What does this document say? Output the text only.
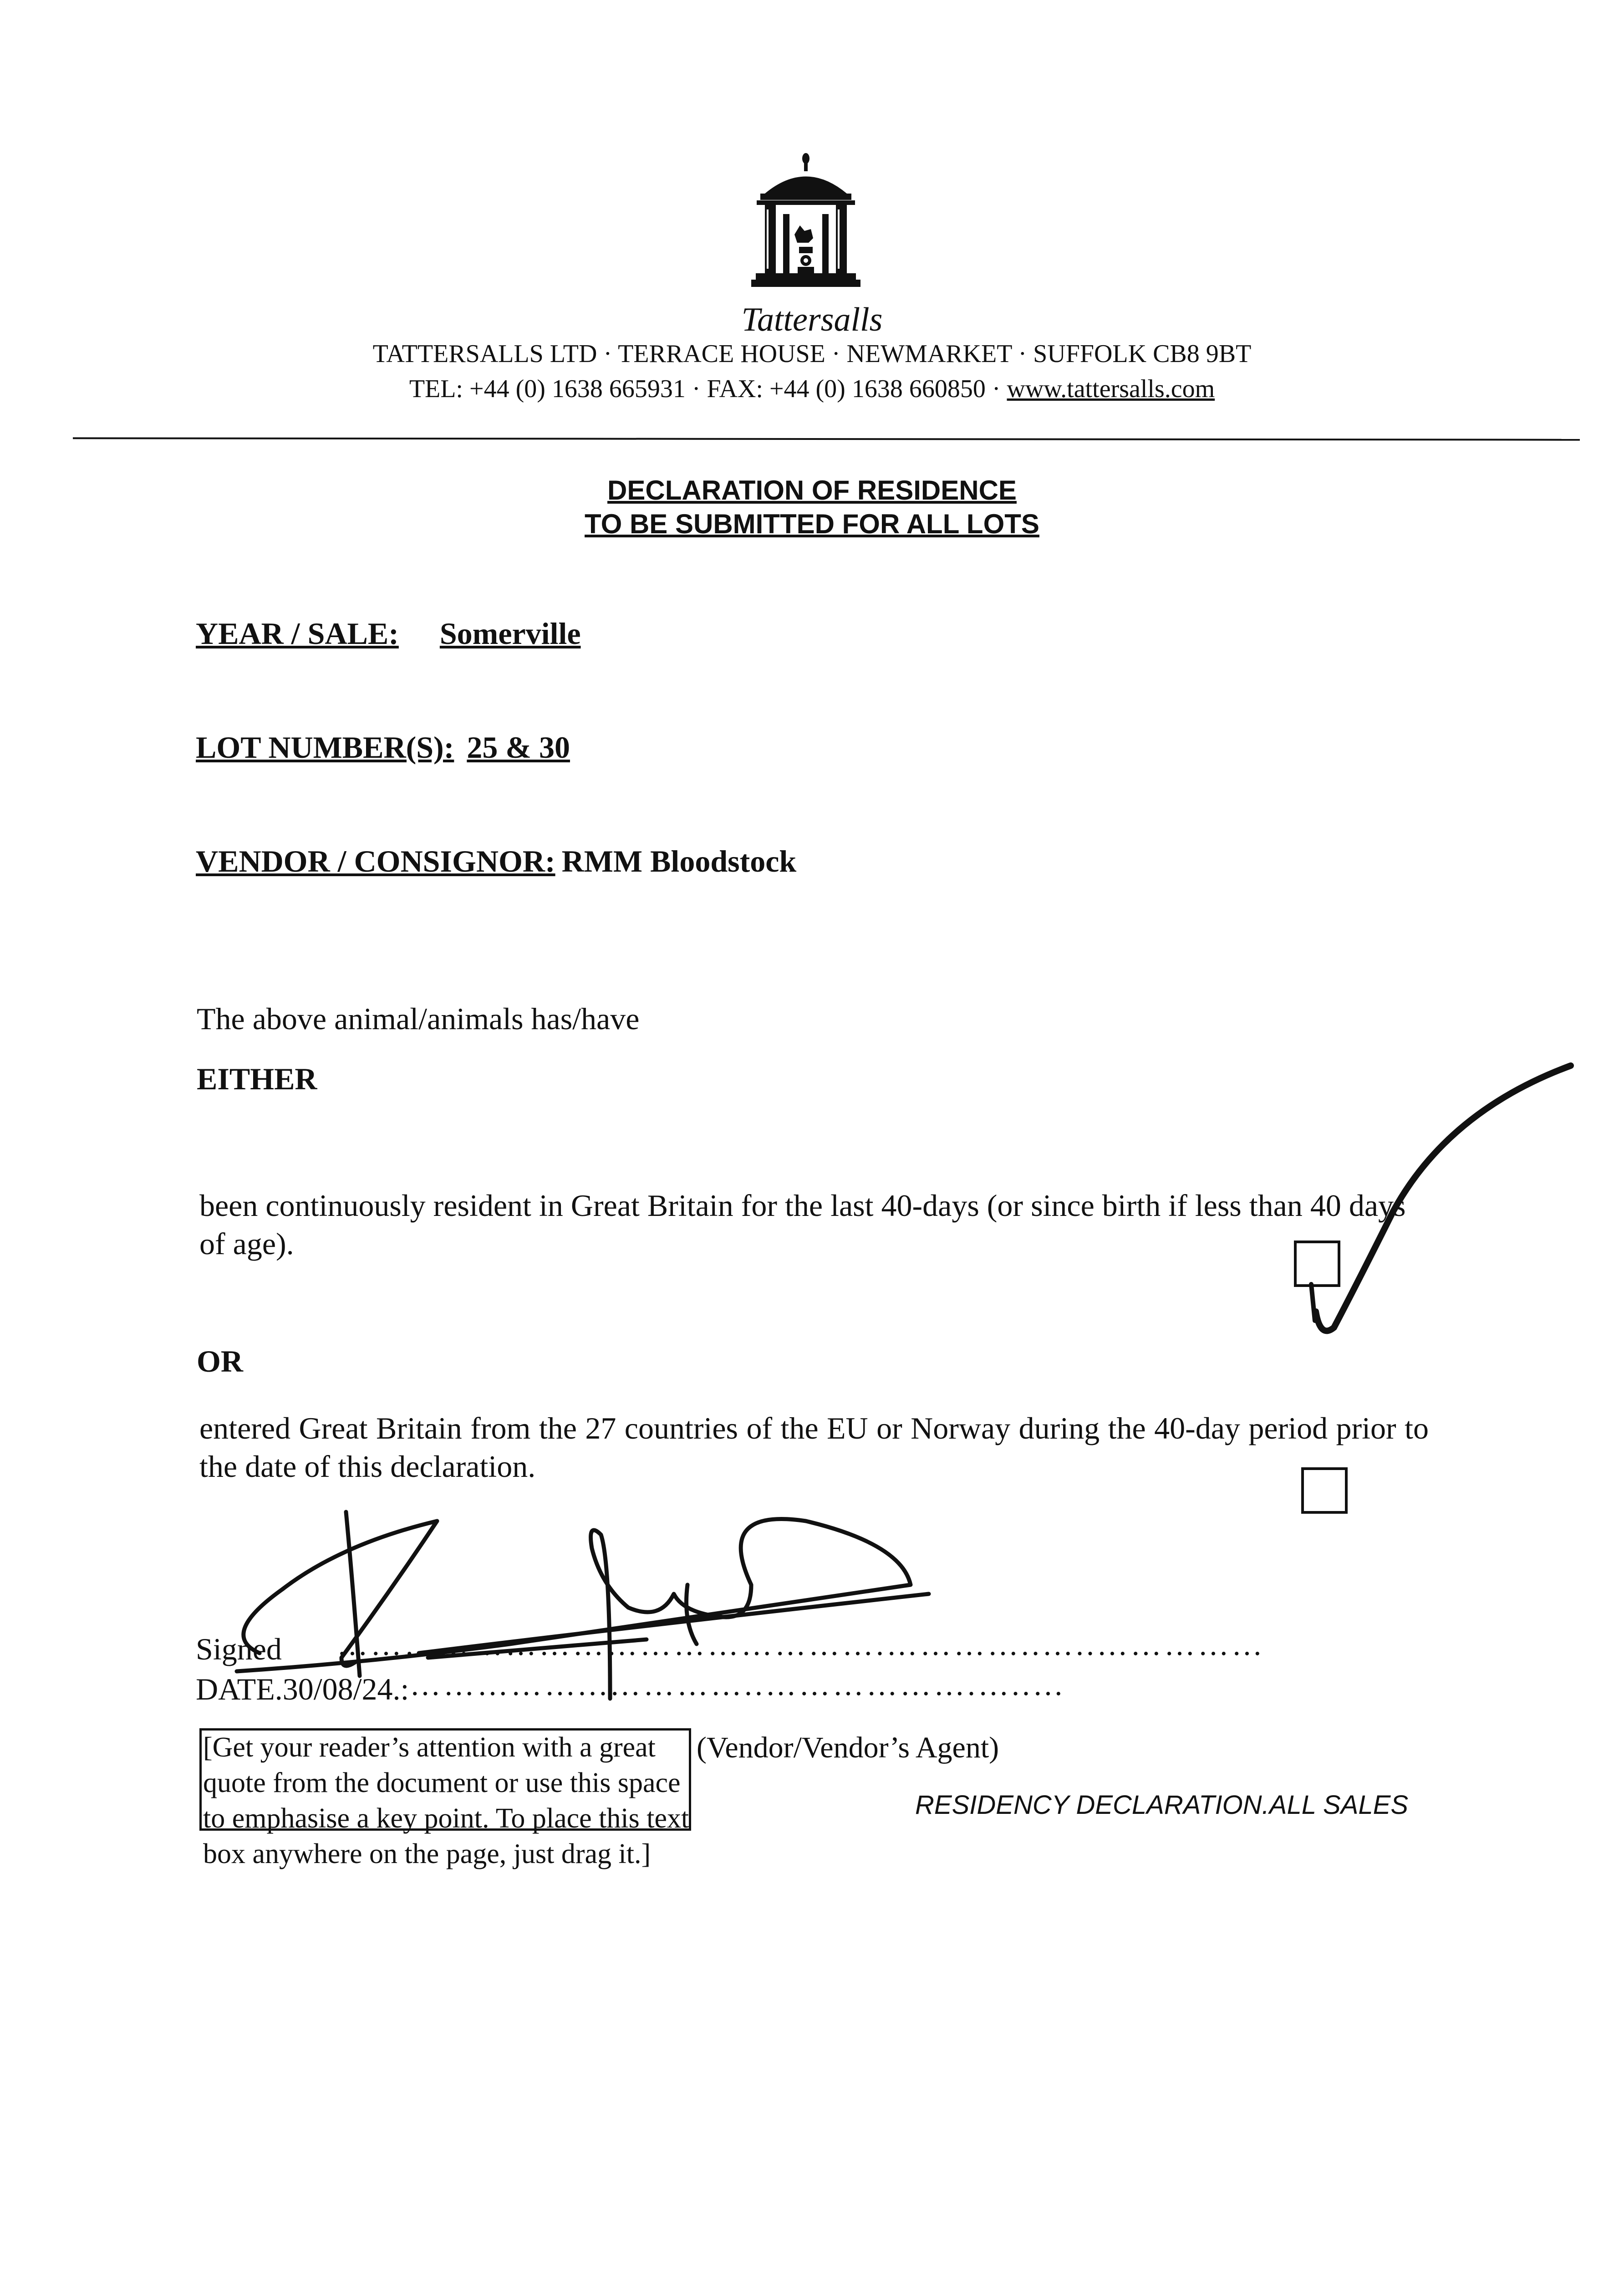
Tattersalls
TATTERSALLS LTD · TERRACE HOUSE · NEWMARKET · SUFFOLK CB8 9BT
TEL: +44 (0) 1638 665931 · FAX: +44 (0) 1638 660850 · www.tattersalls.com
DECLARATION OF RESIDENCE
TO BE SUBMITTED FOR ALL LOTS
YEAR / SALE: Somerville
LOT NUMBER(S): 25 & 30
VENDOR / CONSIGNOR: RMM Bloodstock
The above animal/animals has/have
EITHER
been continuously resident in Great Britain for the last 40-days (or since birth if less than 40 days of age).
OR
entered Great Britain from the 27 countries of the EU or Norway during the 40-day period prior to the date of this declaration.
Signed ………………………………………….…………..…..……………
DATE.30/08/24.: ……………...…………..……………….…..…
[Get your reader’s attention with a great quote from the document or use this space to emphasise a key point. To place this text box anywhere on the page, just drag it.]
(Vendor/Vendor’s Agent)
RESIDENCY DECLARATION.ALL SALES
